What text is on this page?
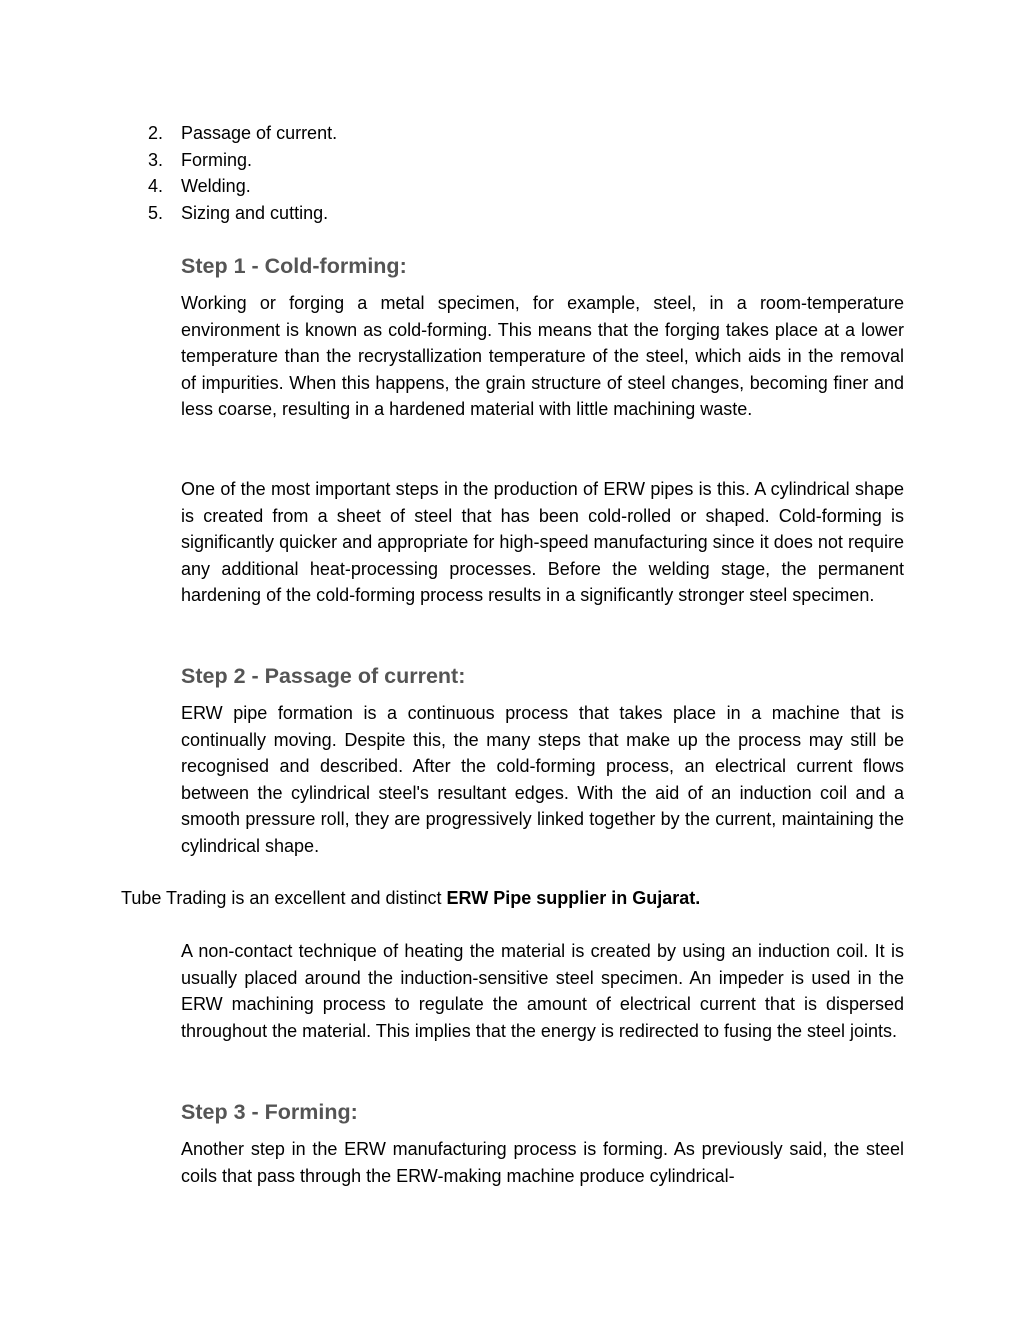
2. Passage of current.
3. Forming.
4. Welding.
5. Sizing and cutting.
Step 1 - Cold-forming:

Working or forging a metal specimen, for example, steel, in a room-temperature environment is known as cold-forming. This means that the forging takes place at a lower temperature than the recrystallization temperature of the steel, which aids in the removal of impurities. When this happens, the grain structure of steel changes, becoming finer and less coarse, resulting in a hardened material with little machining waste.

One of the most important steps in the production of ERW pipes is this. A cylindrical shape is created from a sheet of steel that has been cold-rolled or shaped. Cold-forming is significantly quicker and appropriate for high-speed manufacturing since it does not require any additional heat-processing processes. Before the welding stage, the permanent hardening of the cold-forming process results in a significantly stronger steel specimen.

Step 2 - Passage of current:

ERW pipe formation is a continuous process that takes place in a machine that is continually moving. Despite this, the many steps that make up the process may still be recognised and described. After the cold-forming process, an electrical current flows between the cylindrical steel's resultant edges. With the aid of an induction coil and a smooth pressure roll, they are progressively linked together by the current, maintaining the cylindrical shape.

Tube Trading is an excellent and distinct ERW Pipe supplier in Gujarat.

A non-contact technique of heating the material is created by using an induction coil. It is usually placed around the induction-sensitive steel specimen. An impeder is used in the ERW machining process to regulate the amount of electrical current that is dispersed throughout the material. This implies that the energy is redirected to fusing the steel joints.

Step 3 - Forming:

Another step in the ERW manufacturing process is forming. As previously said, the steel coils that pass through the ERW-making machine produce cylindrical-
